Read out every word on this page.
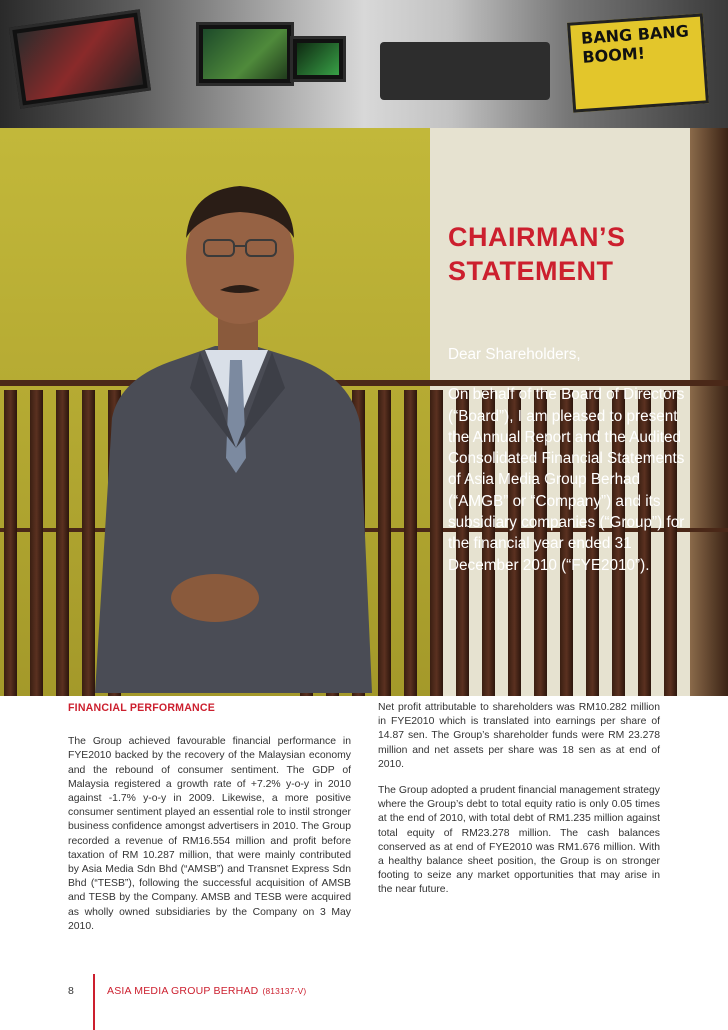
BANG BANG BOOM!
CHAIRMAN’S
STATEMENT

Dear Shareholders,

On behalf of the Board of Directors (“Board”), I am pleased to present the Annual Report and the Audited Consolidated Financial Statements of Asia Media Group Berhad (“AMGB” or “Company”) and its subsidiary companies (“Group”) for the financial year ended 31 December 2010 (“FYE2010”).

FINANCIAL PERFORMANCE

The Group achieved favourable financial performance in FYE2010 backed by the recovery of the Malaysian economy and the rebound of consumer sentiment. The GDP of Malaysia registered a growth rate of +7.2% y-o-y in 2010 against -1.7% y-o-y in 2009. Likewise, a more positive consumer sentiment played an essential role to instil stronger business confidence amongst advertisers in 2010. The Group recorded a revenue of RM16.554 million and profit before taxation of RM 10.287 million, that were mainly contributed by Asia Media Sdn Bhd (“AMSB”) and Transnet Express Sdn Bhd (“TESB”), following the successful acquisition of AMSB and TESB by the Company. AMSB and TESB were acquired as wholly owned subsidiaries by the Company on 3 May 2010.

Net profit attributable to shareholders was RM10.282 million in FYE2010 which is translated into earnings per share of 14.87 sen. The Group’s shareholder funds were RM 23.278 million and net assets per share was 18 sen as at end of 2010.

The Group adopted a prudent financial management strategy where the Group’s debt to total equity ratio is only 0.05 times at the end of 2010, with total debt of RM1.235 million against total equity of RM23.278 million. The cash balances conserved as at end of FYE2010 was RM1.676 million. With a healthy balance sheet position, the Group is on stronger footing to seize any market opportunities that may arise in the near future.

8	ASIA MEDIA GROUP BERHAD (813137-V)
